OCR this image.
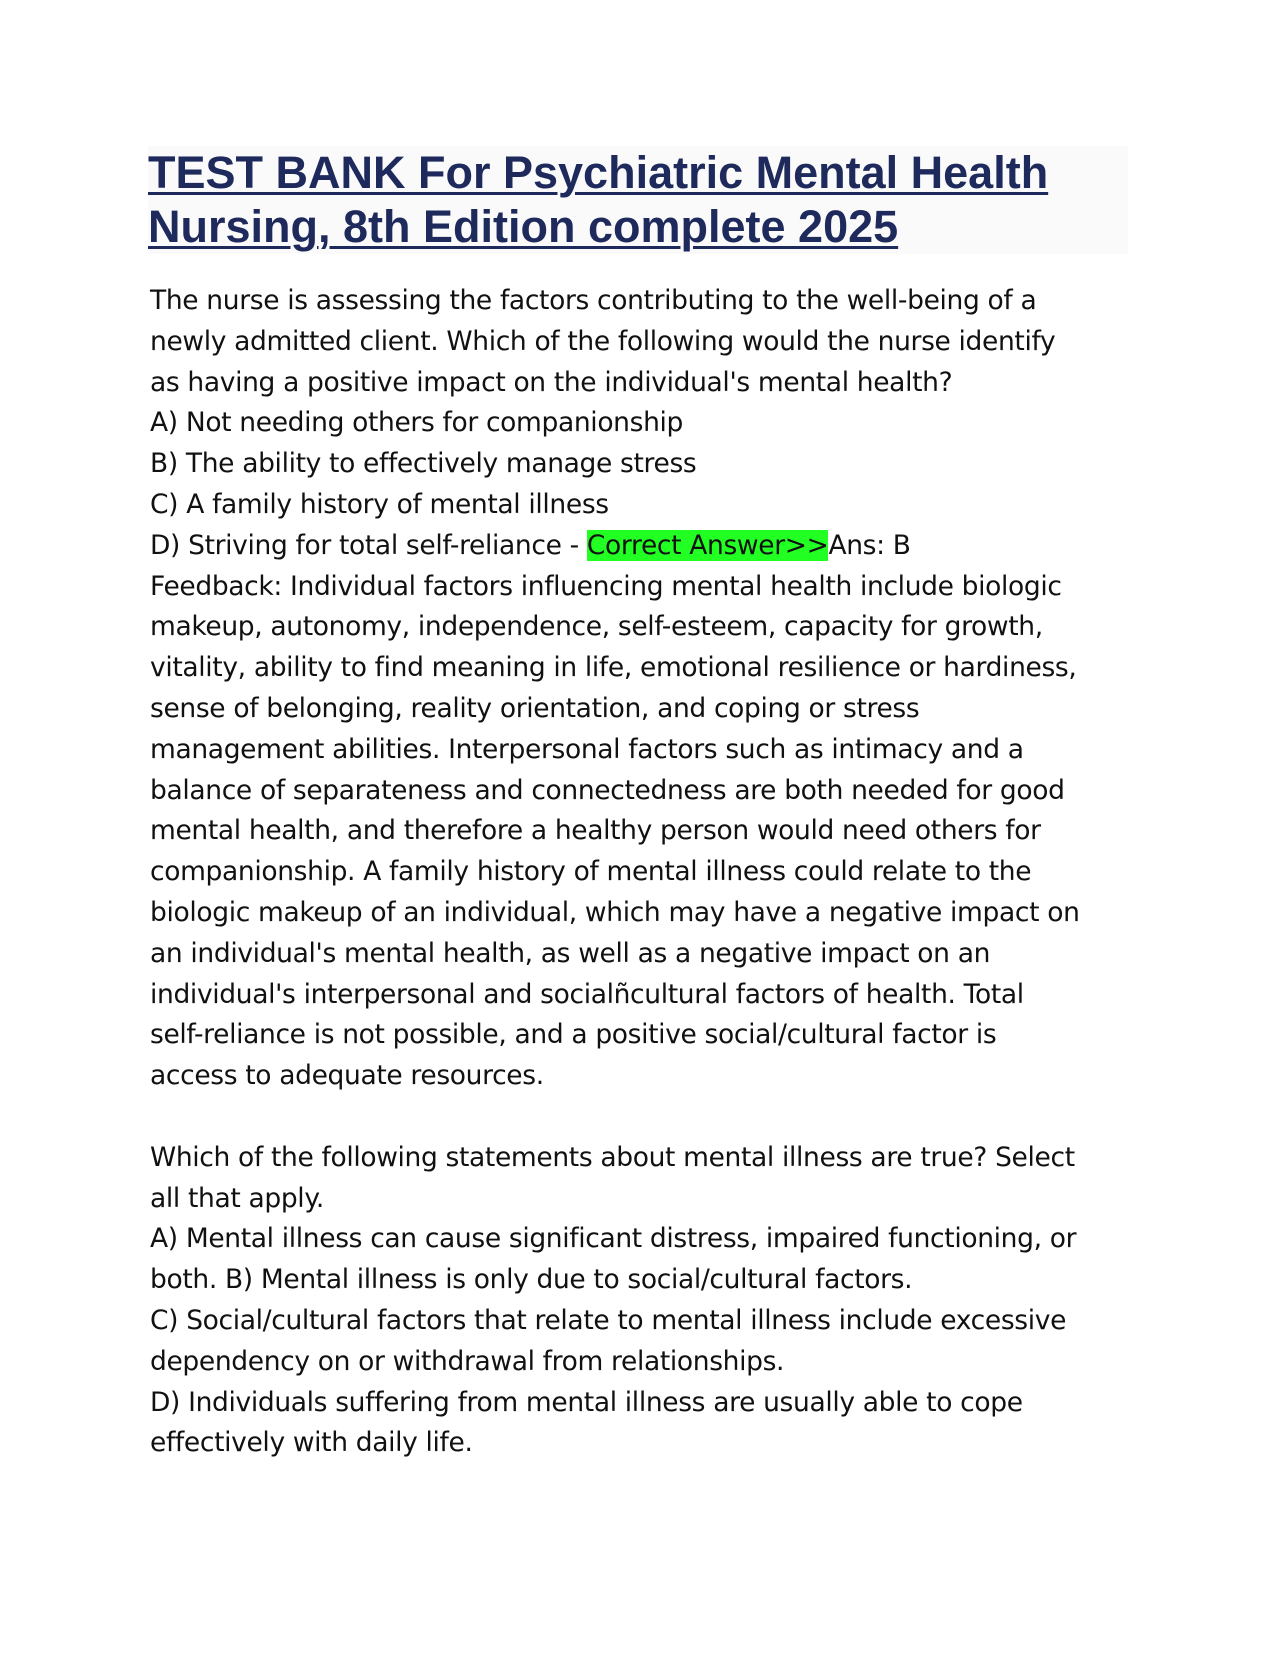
TEST BANK For Psychiatric Mental Health
Nursing, 8th Edition complete 2025
The nurse is assessing the factors contributing to the well-being of a
newly admitted client. Which of the following would the nurse identify
as having a positive impact on the individual's mental health?
A) Not needing others for companionship
B) The ability to effectively manage stress
C) A family history of mental illness
D) Striving for total self-reliance - Correct Answer>>Ans: B
Feedback: Individual factors influencing mental health include biologic
makeup, autonomy, independence, self-esteem, capacity for growth,
vitality, ability to find meaning in life, emotional resilience or hardiness,
sense of belonging, reality orientation, and coping or stress
management abilities. Interpersonal factors such as intimacy and a
balance of separateness and connectedness are both needed for good
mental health, and therefore a healthy person would need others for
companionship. A family history of mental illness could relate to the
biologic makeup of an individual, which may have a negative impact on
an individual's mental health, as well as a negative impact on an
individual's interpersonal and socialñcultural factors of health. Total
self-reliance is not possible, and a positive social/cultural factor is
access to adequate resources.
Which of the following statements about mental illness are true? Select
all that apply.
A) Mental illness can cause significant distress, impaired functioning, or
both. B) Mental illness is only due to social/cultural factors.
C) Social/cultural factors that relate to mental illness include excessive
dependency on or withdrawal from relationships.
D) Individuals suffering from mental illness are usually able to cope
effectively with daily life.
